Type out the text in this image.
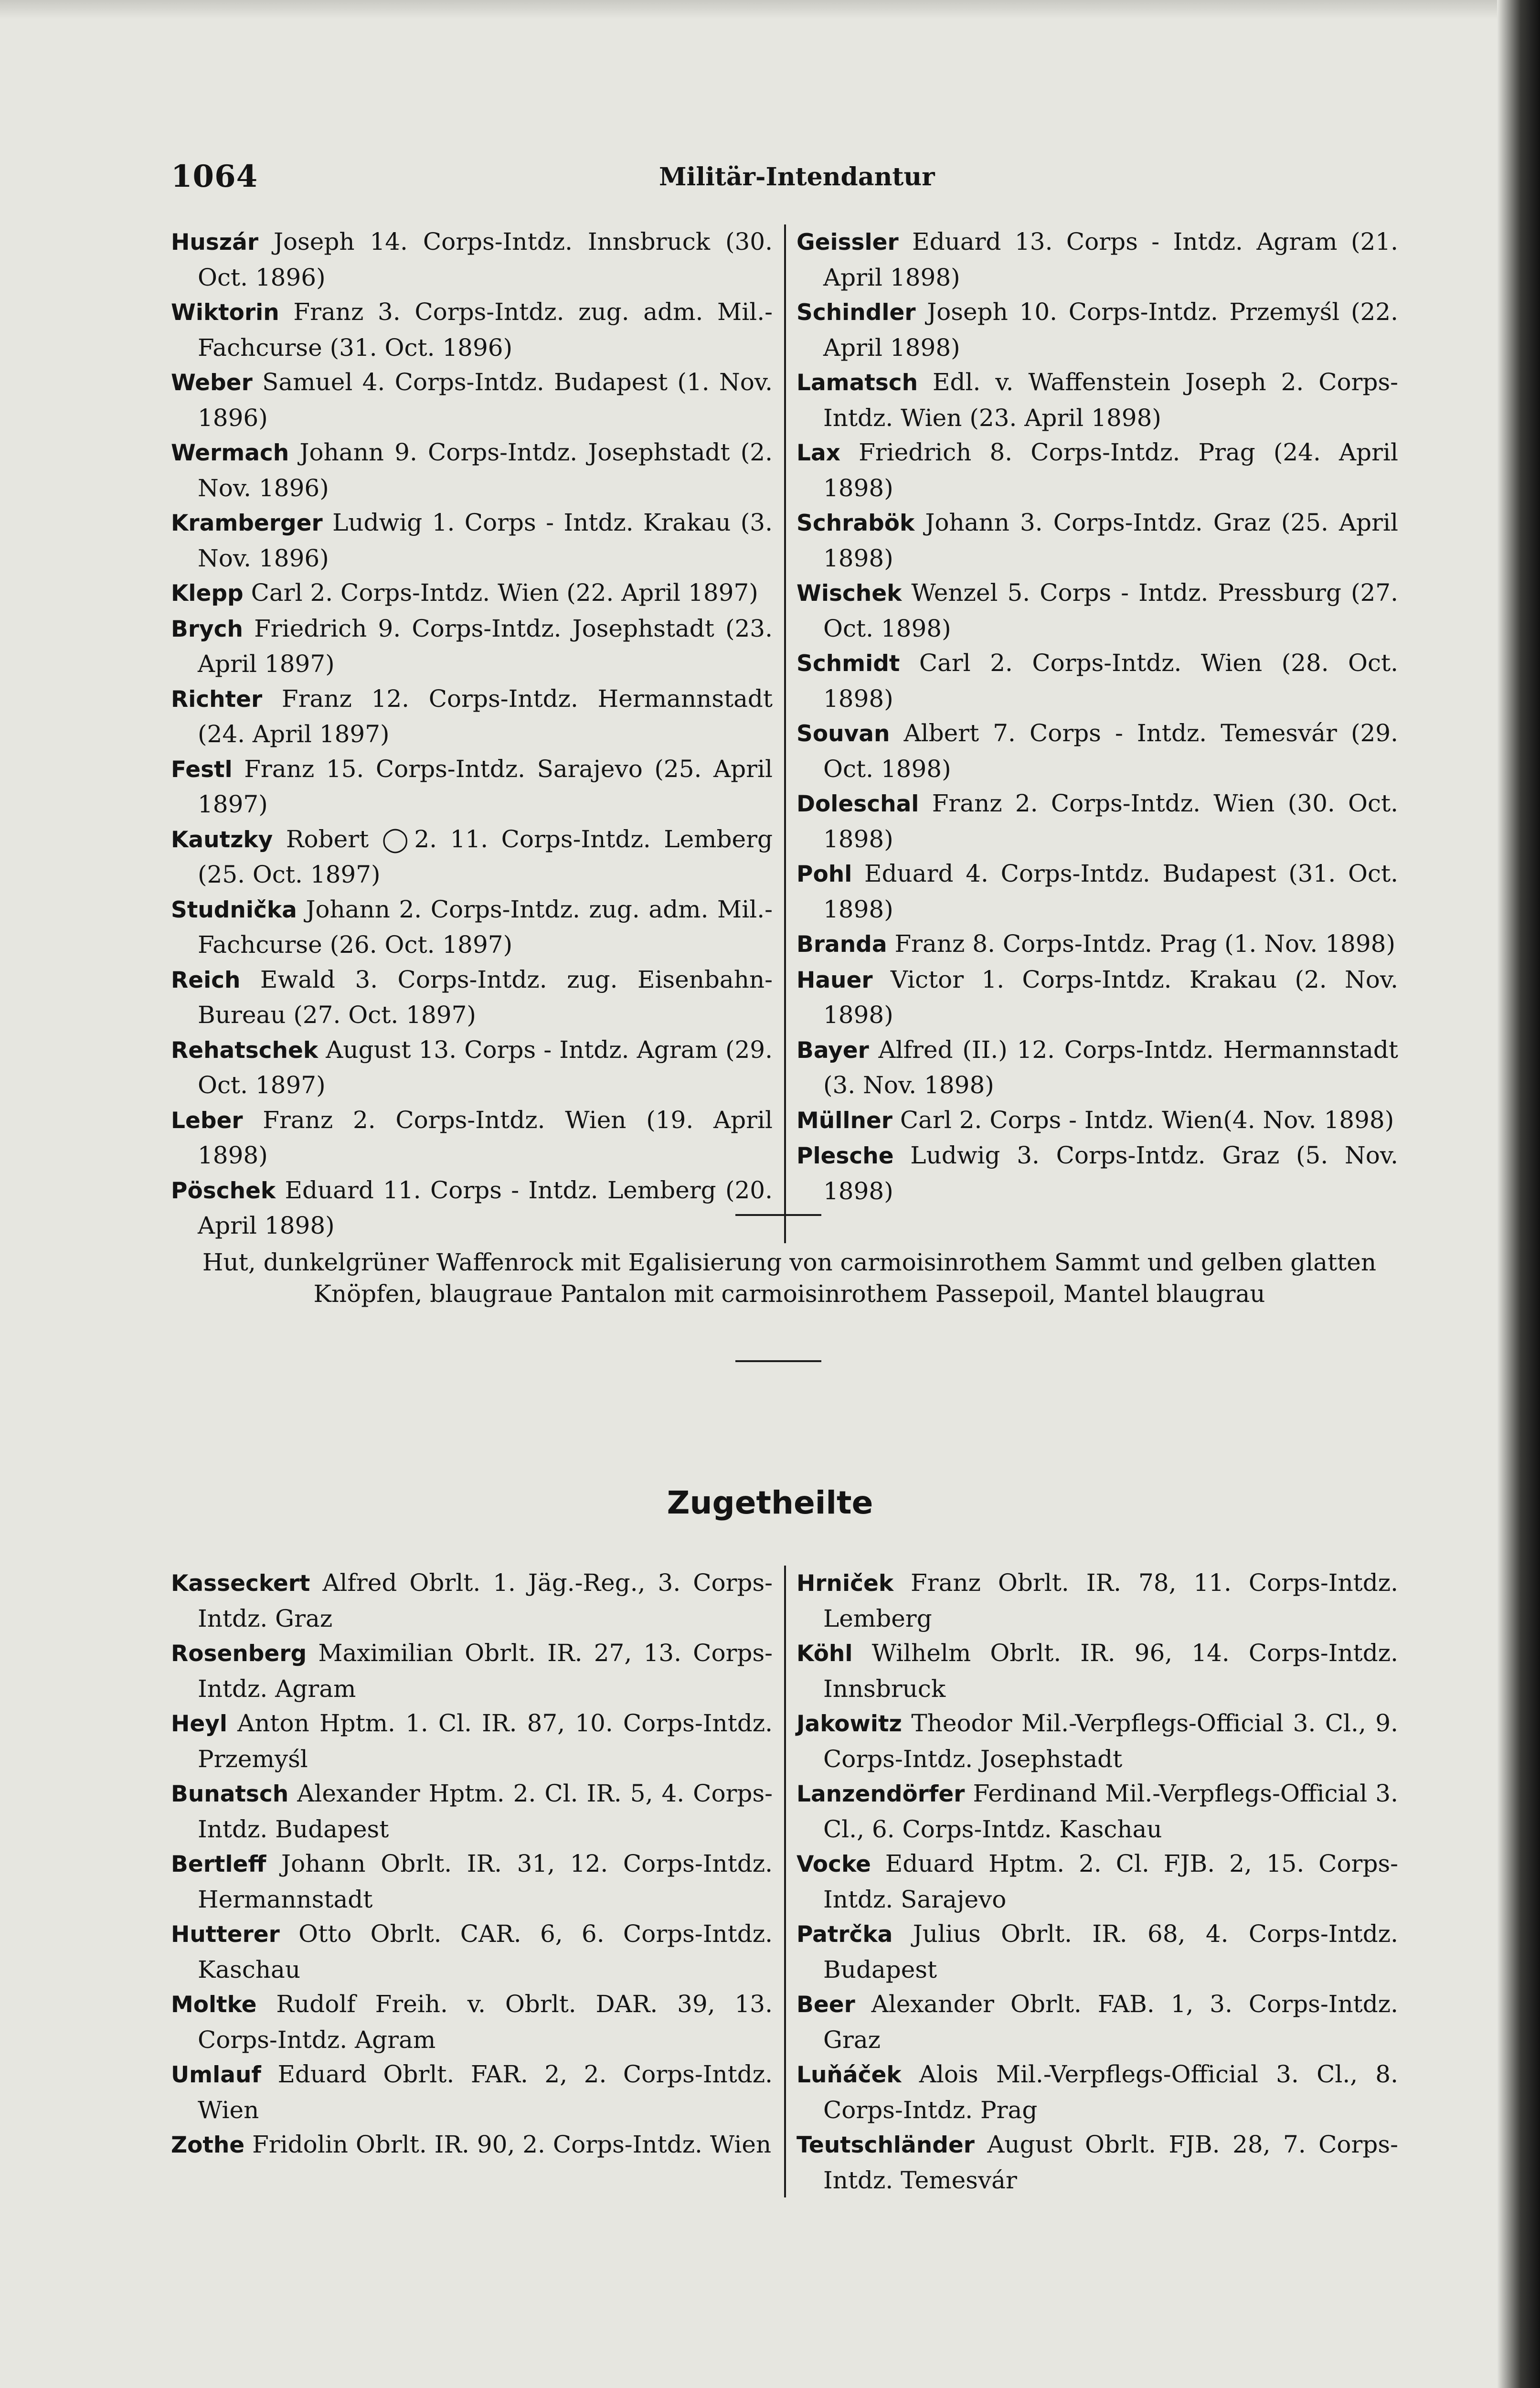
1064	Militär-Intendantur
Huszár Joseph 14. Corps-Intdz. Innsbruck (30. Oct. 1896)
Wiktorin Franz 3. Corps-Intdz. zug. adm. Mil.-Fachcurse (31. Oct. 1896)
Weber Samuel 4. Corps-Intdz. Budapest (1. Nov. 1896)
Wermach Johann 9. Corps-Intdz. Josephstadt (2. Nov. 1896)
Kramberger Ludwig 1. Corps - Intdz. Krakau (3. Nov. 1896)
Klepp Carl 2. Corps-Intdz. Wien (22. April 1897)
Brych Friedrich 9. Corps-Intdz. Josephstadt (23. April 1897)
Richter Franz 12. Corps-Intdz. Hermannstadt (24. April 1897)
Festl Franz 15. Corps-Intdz. Sarajevo (25. April 1897)
Kautzky Robert ◯2. 11. Corps-Intdz. Lemberg (25. Oct. 1897)
Studnička Johann 2. Corps-Intdz. zug. adm. Mil.-Fachcurse (26. Oct. 1897)
Reich Ewald 3. Corps-Intdz. zug. Eisenbahn-Bureau (27. Oct. 1897)
Rehatschek August 13. Corps - Intdz. Agram (29. Oct. 1897)
Leber Franz 2. Corps-Intdz. Wien (19. April 1898)
Pöschek Eduard 11. Corps - Intdz. Lemberg (20. April 1898)
Geissler Eduard 13. Corps - Intdz. Agram (21. April 1898)
Schindler Joseph 10. Corps-Intdz. Przemyśl (22. April 1898)
Lamatsch Edl. v. Waffenstein Joseph 2. Corps-Intdz. Wien (23. April 1898)
Lax Friedrich 8. Corps-Intdz. Prag (24. April 1898)
Schrabök Johann 3. Corps-Intdz. Graz (25. April 1898)
Wischek Wenzel 5. Corps - Intdz. Pressburg (27. Oct. 1898)
Schmidt Carl 2. Corps-Intdz. Wien (28. Oct. 1898)
Souvan Albert 7. Corps - Intdz. Temesvár (29. Oct. 1898)
Doleschal Franz 2. Corps-Intdz. Wien (30. Oct. 1898)
Pohl Eduard 4. Corps-Intdz. Budapest (31. Oct. 1898)
Branda Franz 8. Corps-Intdz. Prag (1. Nov. 1898)
Hauer Victor 1. Corps-Intdz. Krakau (2. Nov. 1898)
Bayer Alfred (II.) 12. Corps-Intdz. Hermannstadt (3. Nov. 1898)
Müllner Carl 2. Corps - Intdz. Wien(4. Nov. 1898)
Plesche Ludwig 3. Corps-Intdz. Graz (5. Nov. 1898)
Hut, dunkelgrüner Waffenrock mit Egalisierung von carmoisinrothem Sammt und gelben glatten
Knöpfen, blaugraue Pantalon mit carmoisinrothem Passepoil, Mantel blaugrau
Zugetheilte
Kasseckert Alfred Obrlt. 1. Jäg.-Reg., 3. Corps-Intdz. Graz
Rosenberg Maximilian Obrlt. IR. 27, 13. Corps-Intdz. Agram
Heyl Anton Hptm. 1. Cl. IR. 87, 10. Corps-Intdz. Przemyśl
Bunatsch Alexander Hptm. 2. Cl. IR. 5, 4. Corps-Intdz. Budapest
Bertleff Johann Obrlt. IR. 31, 12. Corps-Intdz. Hermannstadt
Hutterer Otto Obrlt. CAR. 6, 6. Corps-Intdz. Kaschau
Moltke Rudolf Freih. v. Obrlt. DAR. 39, 13. Corps-Intdz. Agram
Umlauf Eduard Obrlt. FAR. 2, 2. Corps-Intdz. Wien
Zothe Fridolin Obrlt. IR. 90, 2. Corps-Intdz. Wien
Hrniček Franz Obrlt. IR. 78, 11. Corps-Intdz. Lemberg
Köhl Wilhelm Obrlt. IR. 96, 14. Corps-Intdz. Innsbruck
Jakowitz Theodor Mil.-Verpflegs-Official 3. Cl., 9. Corps-Intdz. Josephstadt
Lanzendörfer Ferdinand Mil.-Verpflegs-Official 3. Cl., 6. Corps-Intdz. Kaschau
Vocke Eduard Hptm. 2. Cl. FJB. 2, 15. Corps-Intdz. Sarajevo
Patrčka Julius Obrlt. IR. 68, 4. Corps-Intdz. Budapest
Beer Alexander Obrlt. FAB. 1, 3. Corps-Intdz. Graz
Luňáček Alois Mil.-Verpflegs-Official 3. Cl., 8. Corps-Intdz. Prag
Teutschländer August Obrlt. FJB. 28, 7. Corps-Intdz. Temesvár
